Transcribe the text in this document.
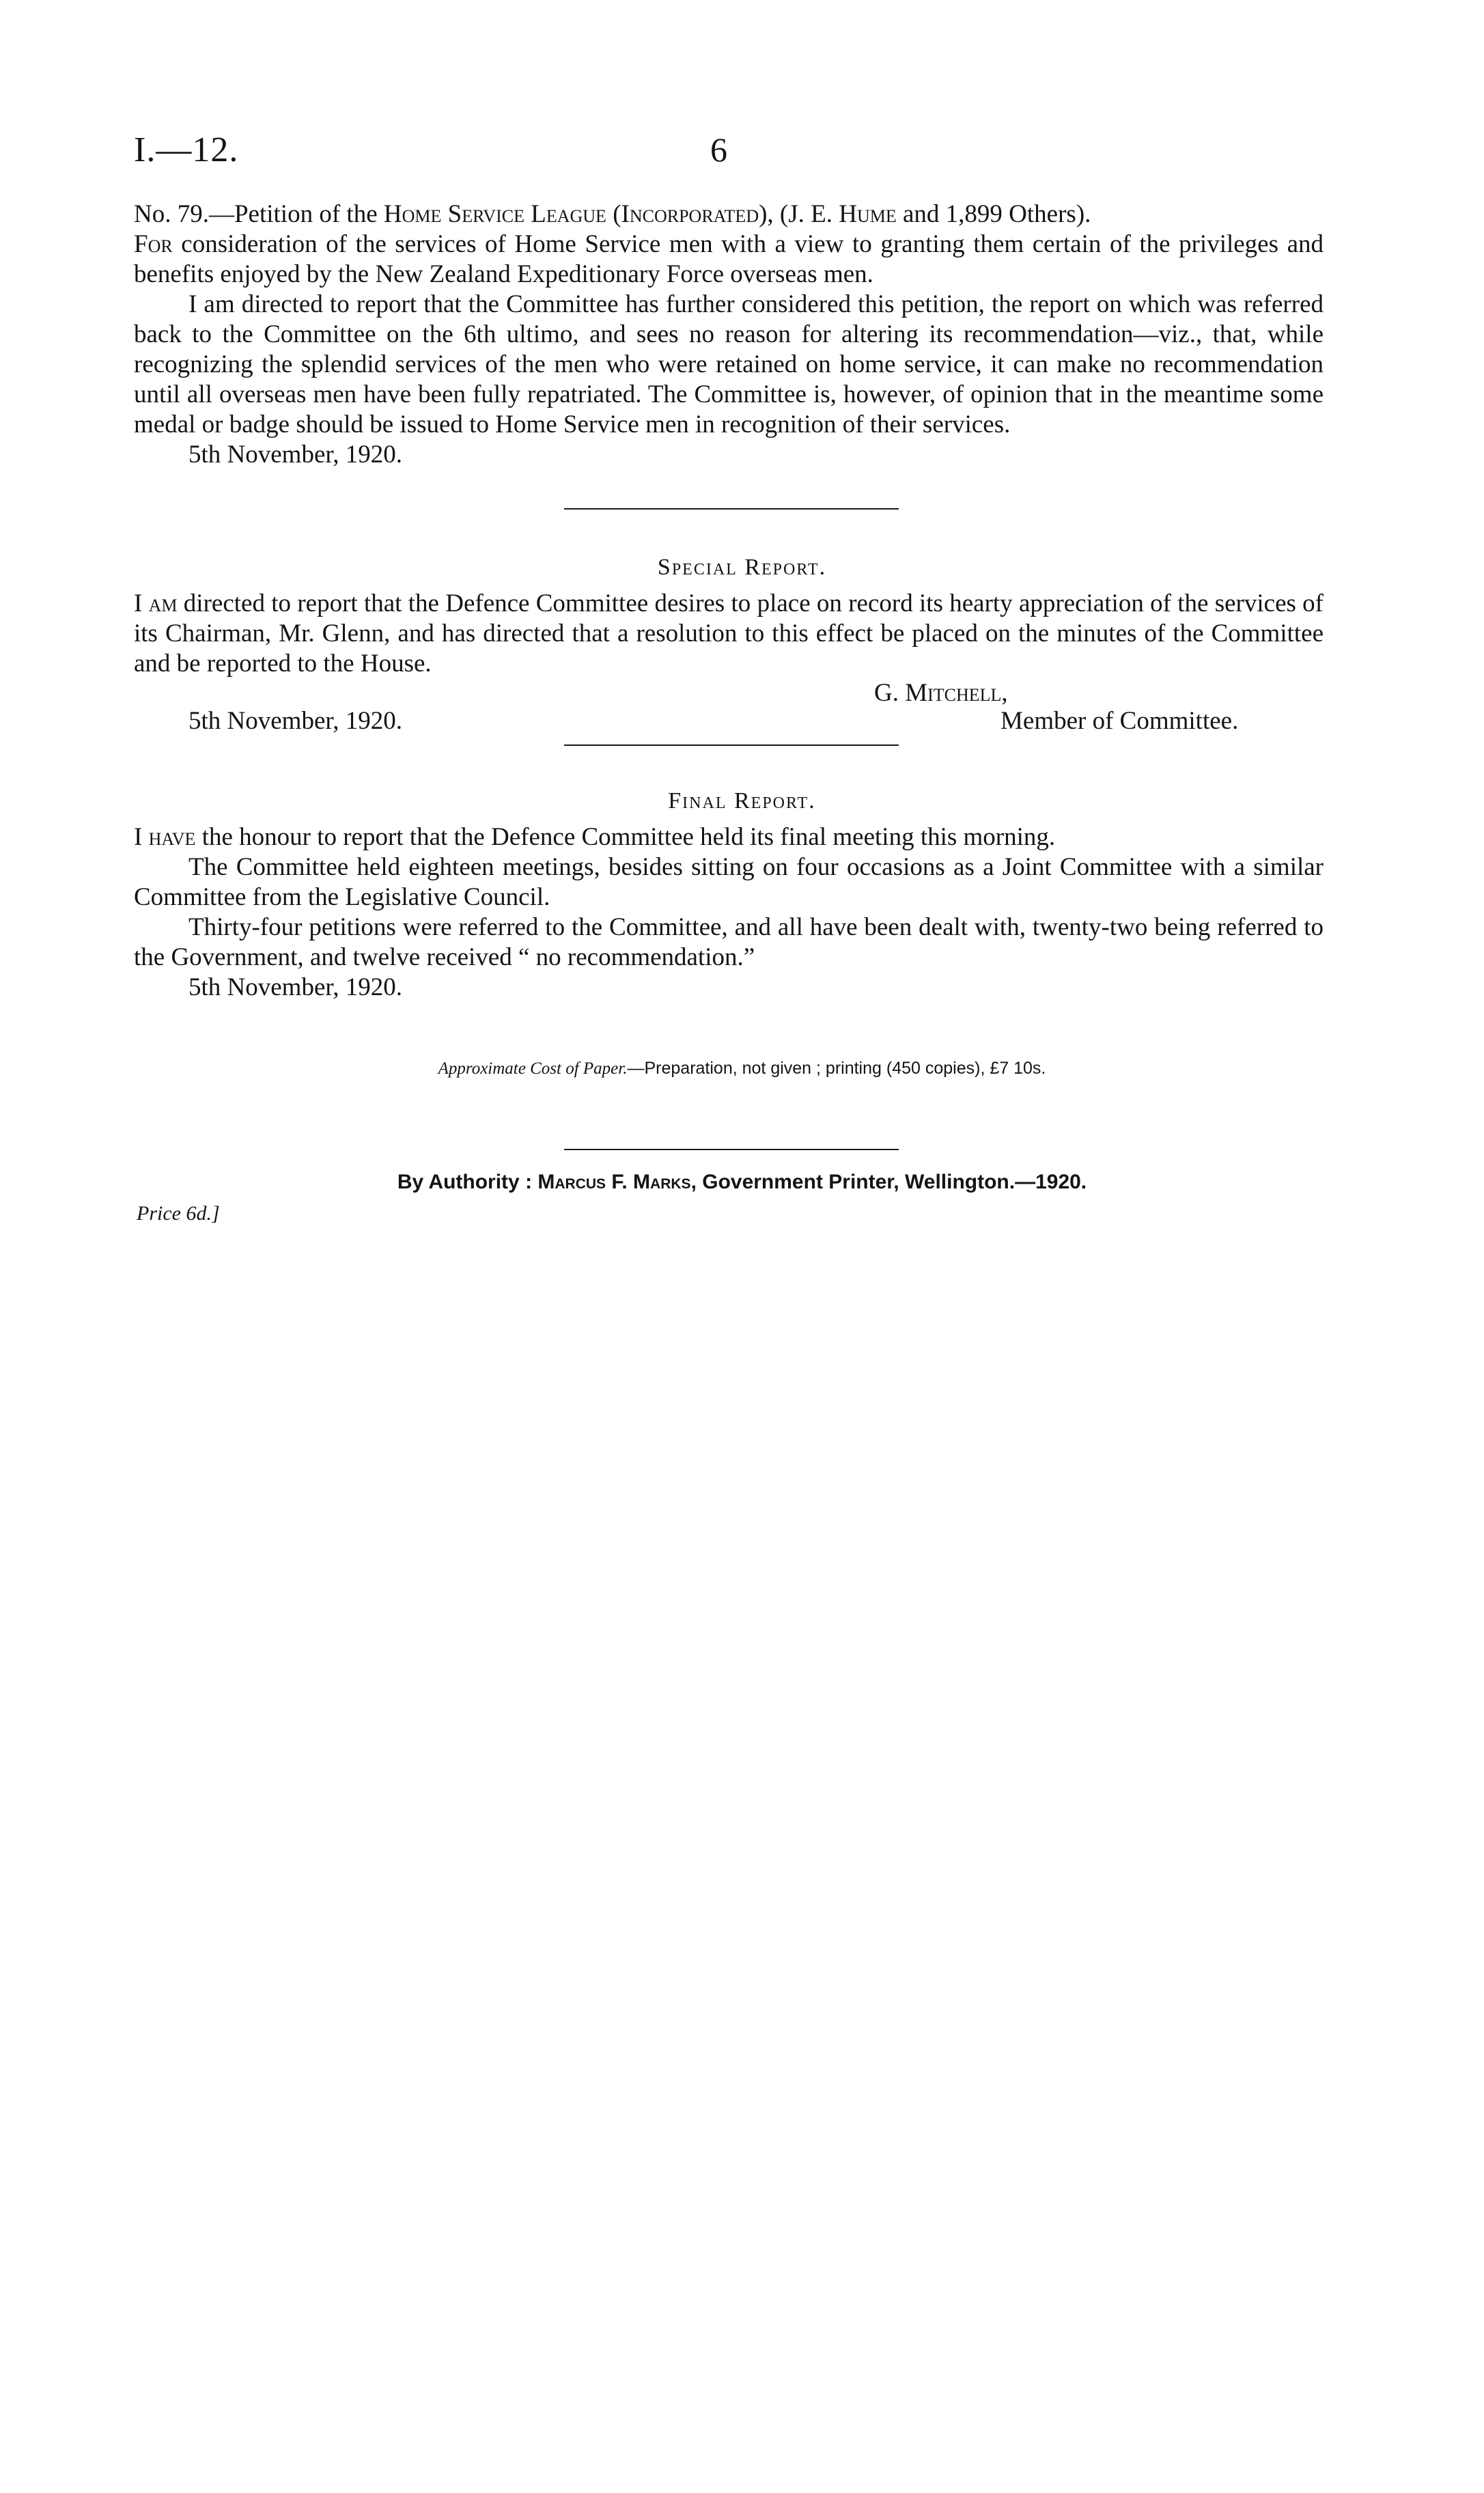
I.—12.	6

No. 79.—Petition of the Home Service League (Incorporated), (J. E. Hume and 1,899 Others).

For consideration of the services of Home Service men with a view to granting them certain of the privileges and benefits enjoyed by the New Zealand Expeditionary Force overseas men.

I am directed to report that the Committee has further considered this petition, the report on which was referred back to the Committee on the 6th ultimo, and sees no reason for altering its recommendation—viz., that, while recognizing the splendid services of the men who were retained on home service, it can make no recommendation until all overseas men have been fully repatriated. The Committee is, however, of opinion that in the meantime some medal or badge should be issued to Home Service men in recognition of their services.

5th November, 1920.

Special Report.

I am directed to report that the Defence Committee desires to place on record its hearty appreciation of the services of its Chairman, Mr. Glenn, and has directed that a resolution to this effect be placed on the minutes of the Committee and be reported to the House.

G. Mitchell,
5th November, 1920.	Member of Committee.
Final Report.

I have the honour to report that the Defence Committee held its final meeting this morning.

The Committee held eighteen meetings, besides sitting on four occasions as a Joint Committee with a similar Committee from the Legislative Council.

Thirty-four petitions were referred to the Committee, and all have been dealt with, twenty-two being referred to the Government, and twelve received “ no recommendation.”

5th November, 1920.

Approximate Cost of Paper.—Preparation, not given ; printing (450 copies), £7 10s.
By Authority : Marcus F. Marks, Government Printer, Wellington.—1920.
Price 6d.]
